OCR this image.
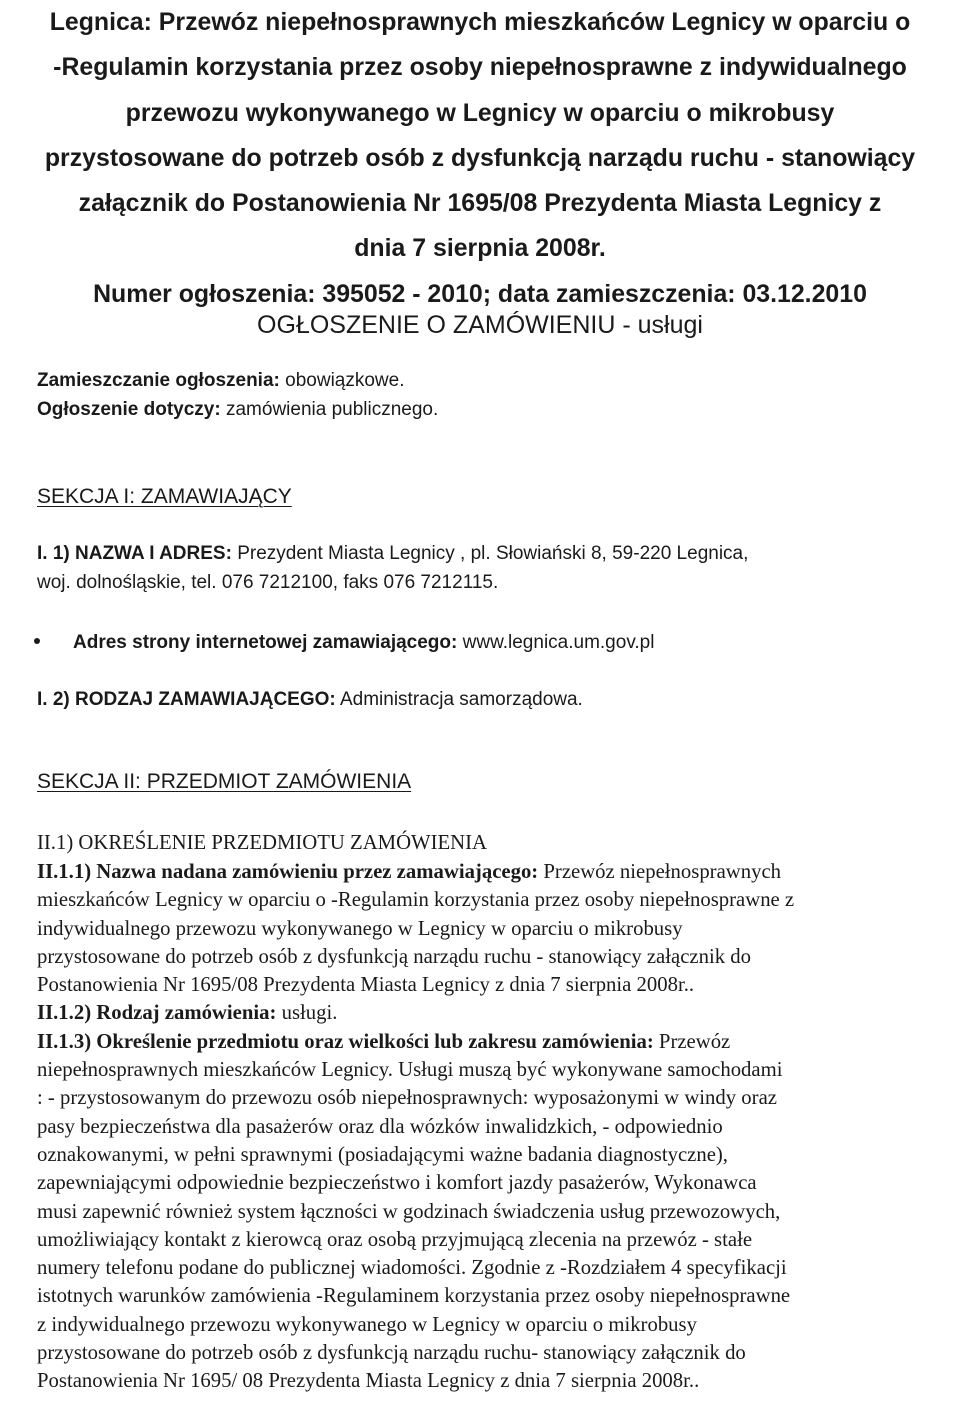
Legnica: Przewóz niepełnosprawnych mieszkańców Legnicy w oparciu o
-Regulamin korzystania przez osoby niepełnosprawne z indywidualnego
przewozu wykonywanego w Legnicy w oparciu o mikrobusy
przystosowane do potrzeb osób z dysfunkcją narządu ruchu - stanowiący
załącznik do Postanowienia Nr 1695/08 Prezydenta Miasta Legnicy z
dnia 7 sierpnia 2008r.
Numer ogłoszenia: 395052 - 2010; data zamieszczenia: 03.12.2010
OGŁOSZENIE O ZAMÓWIENIU - usługi
Zamieszczanie ogłoszenia: obowiązkowe.
Ogłoszenie dotyczy: zamówienia publicznego.
SEKCJA I: ZAMAWIAJĄCY
I. 1) NAZWA I ADRES: Prezydent Miasta Legnicy , pl. Słowiański 8, 59-220 Legnica,
woj. dolnośląskie, tel. 076 7212100, faks 076 7212115.
Adres strony internetowej zamawiającego: www.legnica.um.gov.pl
I. 2) RODZAJ ZAMAWIAJĄCEGO: Administracja samorządowa.
SEKCJA II: PRZEDMIOT ZAMÓWIENIA
II.1) OKREŚLENIE PRZEDMIOTU ZAMÓWIENIA
II.1.1) Nazwa nadana zamówieniu przez zamawiającego: Przewóz niepełnosprawnych
mieszkańców Legnicy w oparciu o -Regulamin korzystania przez osoby niepełnosprawne z
indywidualnego przewozu wykonywanego w Legnicy w oparciu o mikrobusy
przystosowane do potrzeb osób z dysfunkcją narządu ruchu - stanowiący załącznik do
Postanowienia Nr 1695/08 Prezydenta Miasta Legnicy z dnia 7 sierpnia 2008r..
II.1.2) Rodzaj zamówienia: usługi.
II.1.3) Określenie przedmiotu oraz wielkości lub zakresu zamówienia: Przewóz
niepełnosprawnych mieszkańców Legnicy. Usługi muszą być wykonywane samochodami
: - przystosowanym do przewozu osób niepełnosprawnych: wyposażonymi w windy oraz
pasy bezpieczeństwa dla pasażerów oraz dla wózków inwalidzkich, - odpowiednio
oznakowanymi, w pełni sprawnymi (posiadającymi ważne badania diagnostyczne),
zapewniającymi odpowiednie bezpieczeństwo i komfort jazdy pasażerów, Wykonawca
musi zapewnić również system łączności w godzinach świadczenia usług przewozowych,
umożliwiający kontakt z kierowcą oraz osobą przyjmującą zlecenia na przewóz - stałe
numery telefonu podane do publicznej wiadomości. Zgodnie z -Rozdziałem 4 specyfikacji
istotnych warunków zamówienia -Regulaminem korzystania przez osoby niepełnosprawne
z indywidualnego przewozu wykonywanego w Legnicy w oparciu o mikrobusy
przystosowane do potrzeb osób z dysfunkcją narządu ruchu- stanowiący załącznik do
Postanowienia Nr 1695/ 08 Prezydenta Miasta Legnicy z dnia 7 sierpnia 2008r..
